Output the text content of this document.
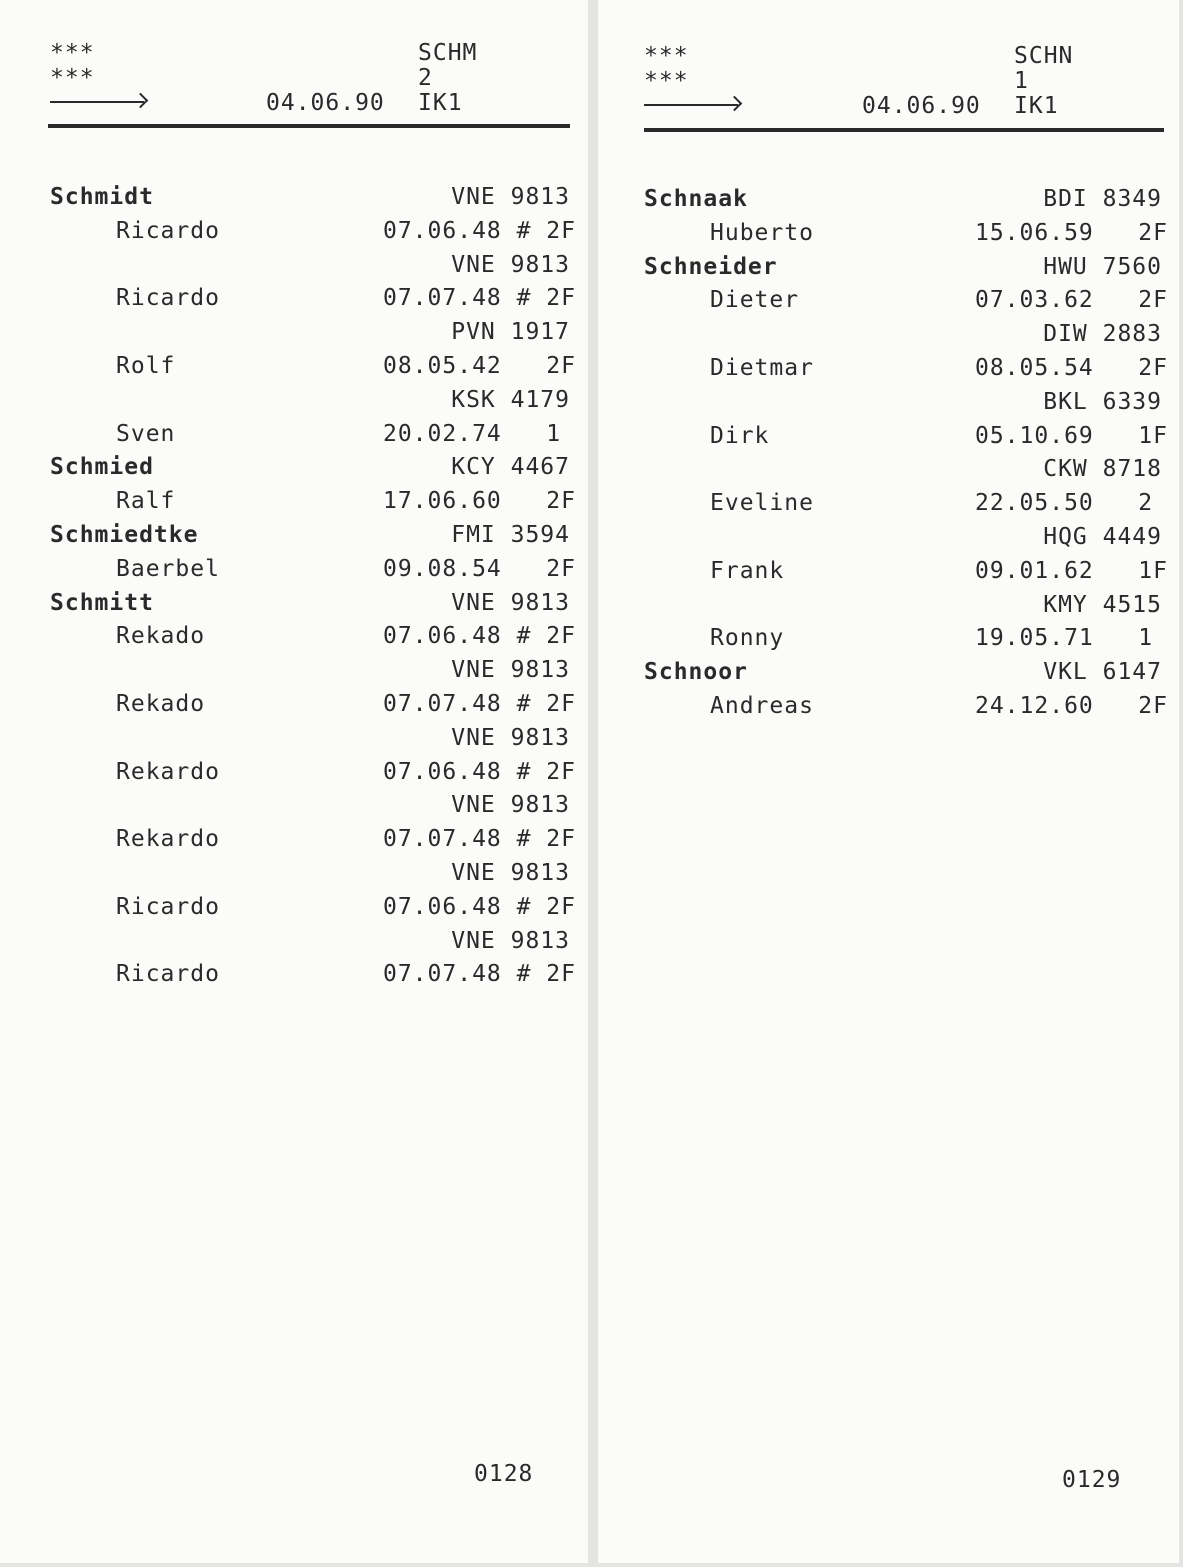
***
***
SCHM
2
04.06.90 IK1
Schmidt	VNE 9813
Ricardo	07.06.48 # 2F
VNE 9813
Ricardo	07.07.48 # 2F
PVN 1917
Rolf	08.05.42   2F
KSK 4179
Sven	20.02.74   1
Schmied	KCY 4467
Ralf	17.06.60   2F
Schmiedtke	FMI 3594
Baerbel	09.08.54   2F
Schmitt	VNE 9813
Rekado	07.06.48 # 2F
VNE 9813
Rekado	07.07.48 # 2F
VNE 9813
Rekardo	07.06.48 # 2F
VNE 9813
Rekardo	07.07.48 # 2F
VNE 9813
Ricardo	07.06.48 # 2F
VNE 9813
Ricardo	07.07.48 # 2F
0128
***
***
SCHN
1
04.06.90 IK1
Schnaak	BDI 8349
Huberto	15.06.59   2F
Schneider	HWU 7560
Dieter	07.03.62   2F
DIW 2883
Dietmar	08.05.54   2F
BKL 6339
Dirk	05.10.69   1F
CKW 8718
Eveline	22.05.50   2
HQG 4449
Frank	09.01.62   1F
KMY 4515
Ronny	19.05.71   1
Schnoor	VKL 6147
Andreas	24.12.60   2F
0129
